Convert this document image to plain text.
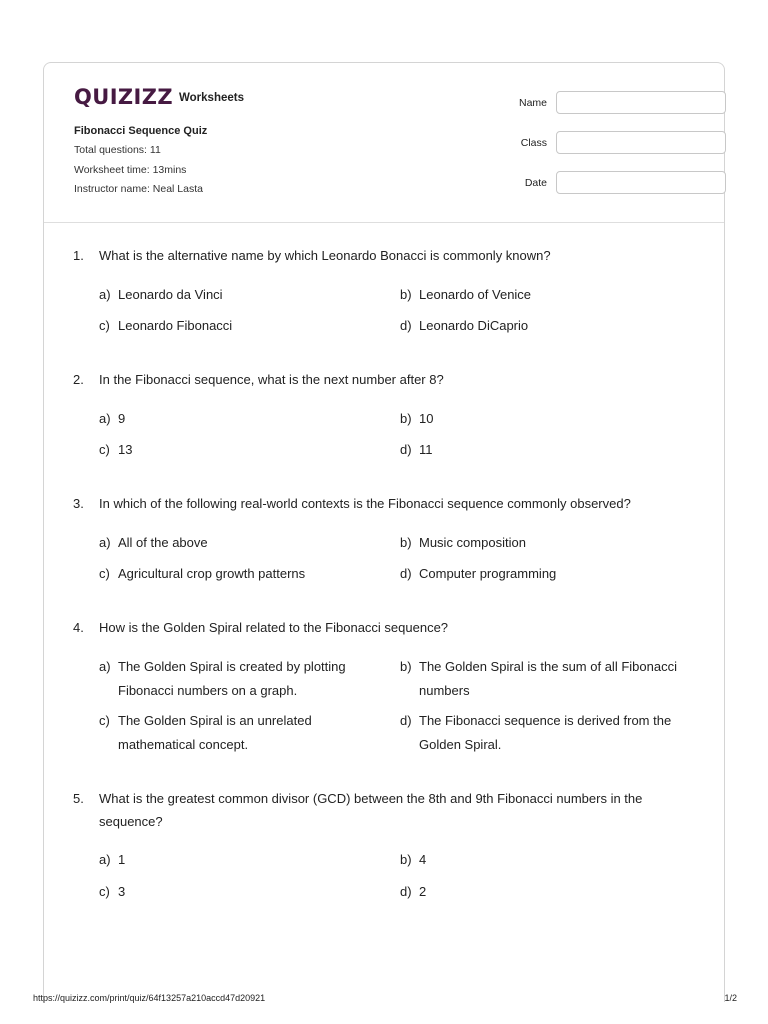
QUIZIZZ Worksheets
Fibonacci Sequence Quiz
Total questions: 11
Worksheet time: 13mins
Instructor name: Neal Lasta
Name
Class
Date
1. What is the alternative name by which Leonardo Bonacci is commonly known?
a) Leonardo da Vinci	b) Leonardo of Venice
c) Leonardo Fibonacci	d) Leonardo DiCaprio
2. In the Fibonacci sequence, what is the next number after 8?
a) 9	b) 10
c) 13	d) 11
3. In which of the following real-world contexts is the Fibonacci sequence commonly observed?
a) All of the above	b) Music composition
c) Agricultural crop growth patterns	d) Computer programming
4. How is the Golden Spiral related to the Fibonacci sequence?
a) The Golden Spiral is created by plotting Fibonacci numbers on a graph.
b) The Golden Spiral is the sum of all Fibonacci numbers
c) The Golden Spiral is an unrelated mathematical concept.
d) The Fibonacci sequence is derived from the Golden Spiral.
5. What is the greatest common divisor (GCD) between the 8th and 9th Fibonacci numbers in the sequence?
a) 1	b) 4
c) 3	d) 2
https://quizizz.com/print/quiz/64f13257a210accd47d20921	1/2
